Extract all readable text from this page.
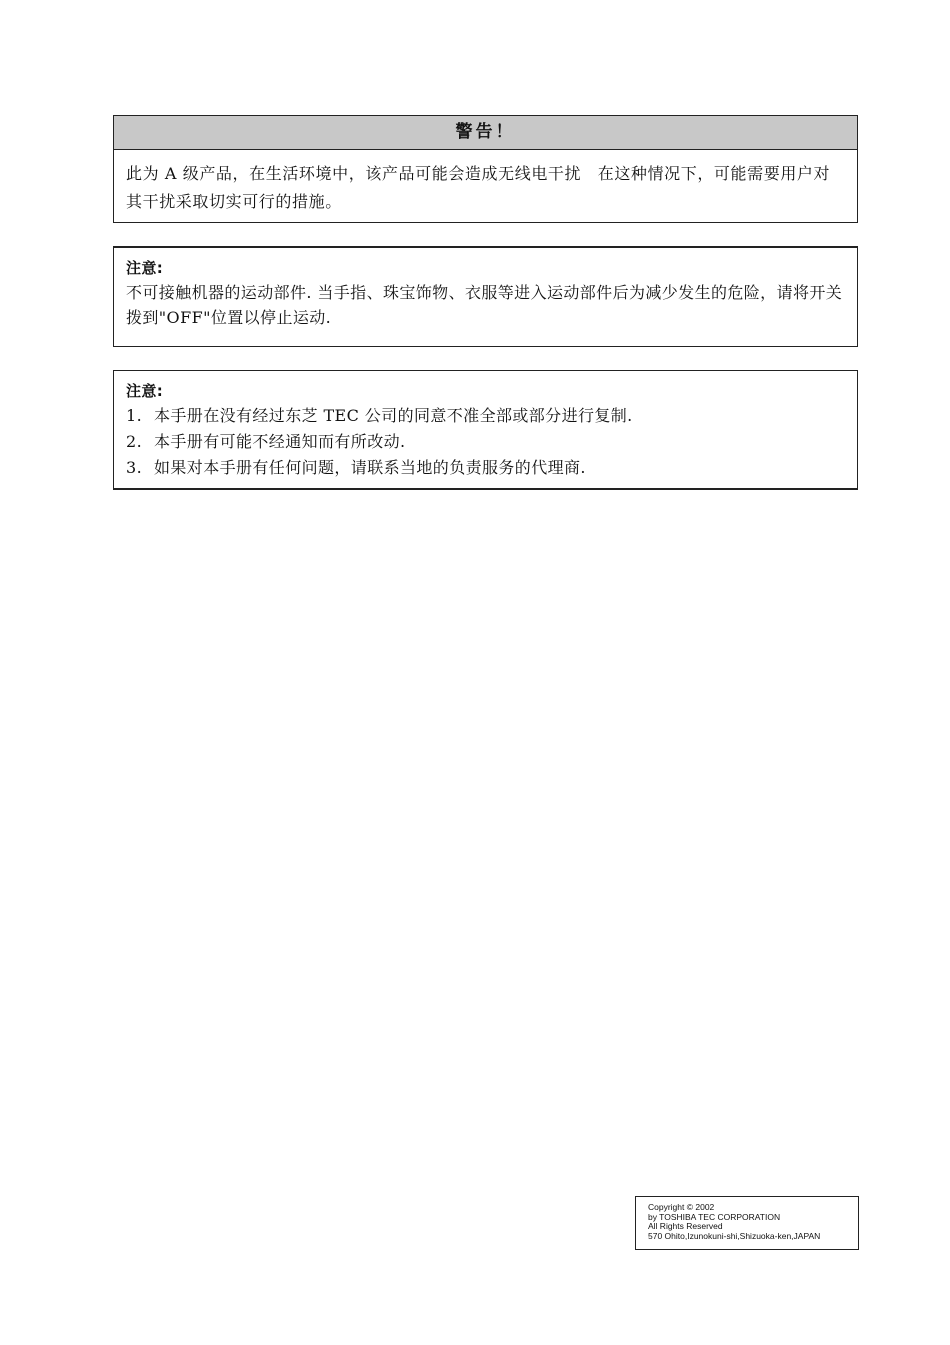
警告！
此为 A 级产品，在生活环境中，该产品可能会造成无线电干扰　在这种情况下，可能需要用户对其干扰采取切实可行的措施。
注意:
不可接触机器的运动部件. 当手指、珠宝饰物、衣服等进入运动部件后为减少发生的危险，请将开关拨到"OFF"位置以停止运动.
注意:
1. 本手册在没有经过东芝 TEC 公司的同意不准全部或部分进行复制.
2. 本手册有可能不经通知而有所改动.
3. 如果对本手册有任何问题，请联系当地的负责服务的代理商.
Copyright © 2002
by TOSHIBA TEC CORPORATION
All Rights Reserved
570 Ohito,Izunokuni-shi,Shizuoka-ken,JAPAN
